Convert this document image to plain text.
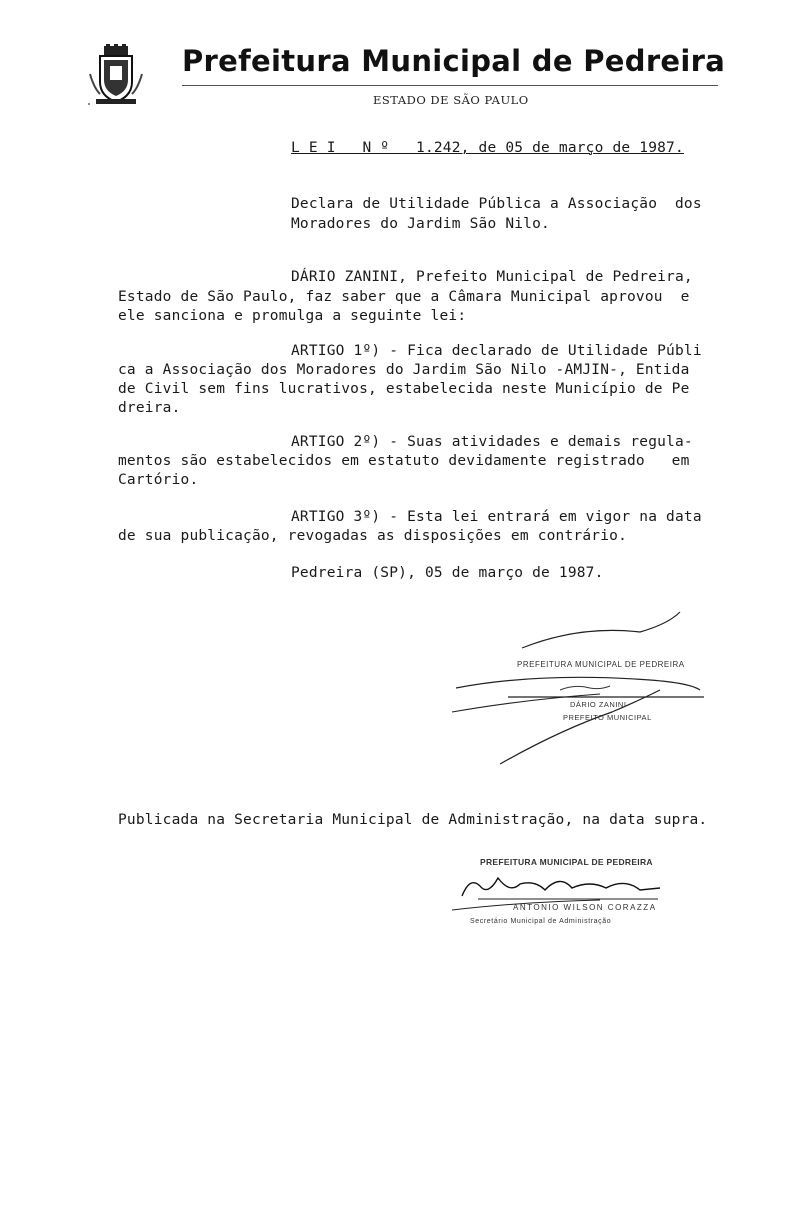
Prefeitura Municipal de Pedreira
ESTADO DE SÃO PAULO
L E I   N º   1.242, de 05 de março de 1987.
Declara de Utilidade Pública a Associação  dos
Moradores do Jardim São Nilo.
DÁRIO ZANINI, Prefeito Municipal de Pedreira,
Estado de São Paulo, faz saber que a Câmara Municipal aprovou  e
ele sanciona e promulga a seguinte lei:
ARTIGO 1º) - Fica declarado de Utilidade Públi
ca a Associação dos Moradores do Jardim São Nilo -AMJIN-, Entida
de Civil sem fins lucrativos, estabelecida neste Município de Pe
dreira.
ARTIGO 2º) - Suas atividades e demais regula-
mentos são estabelecidos em estatuto devidamente registrado   em
Cartório.
ARTIGO 3º) - Esta lei entrará em vigor na data
de sua publicação, revogadas as disposições em contrário.
Pedreira (SP), 05 de março de 1987.
PREFEITURA MUNICIPAL DE PEDREIRA
DÁRIO ZANINI
PREFEITO MUNICIPAL
Publicada na Secretaria Municipal de Administração, na data supra.
PREFEITURA MUNICIPAL DE PEDREIRA
ANTONIO WILSON CORAZZA
Secretário Municipal de Administração
